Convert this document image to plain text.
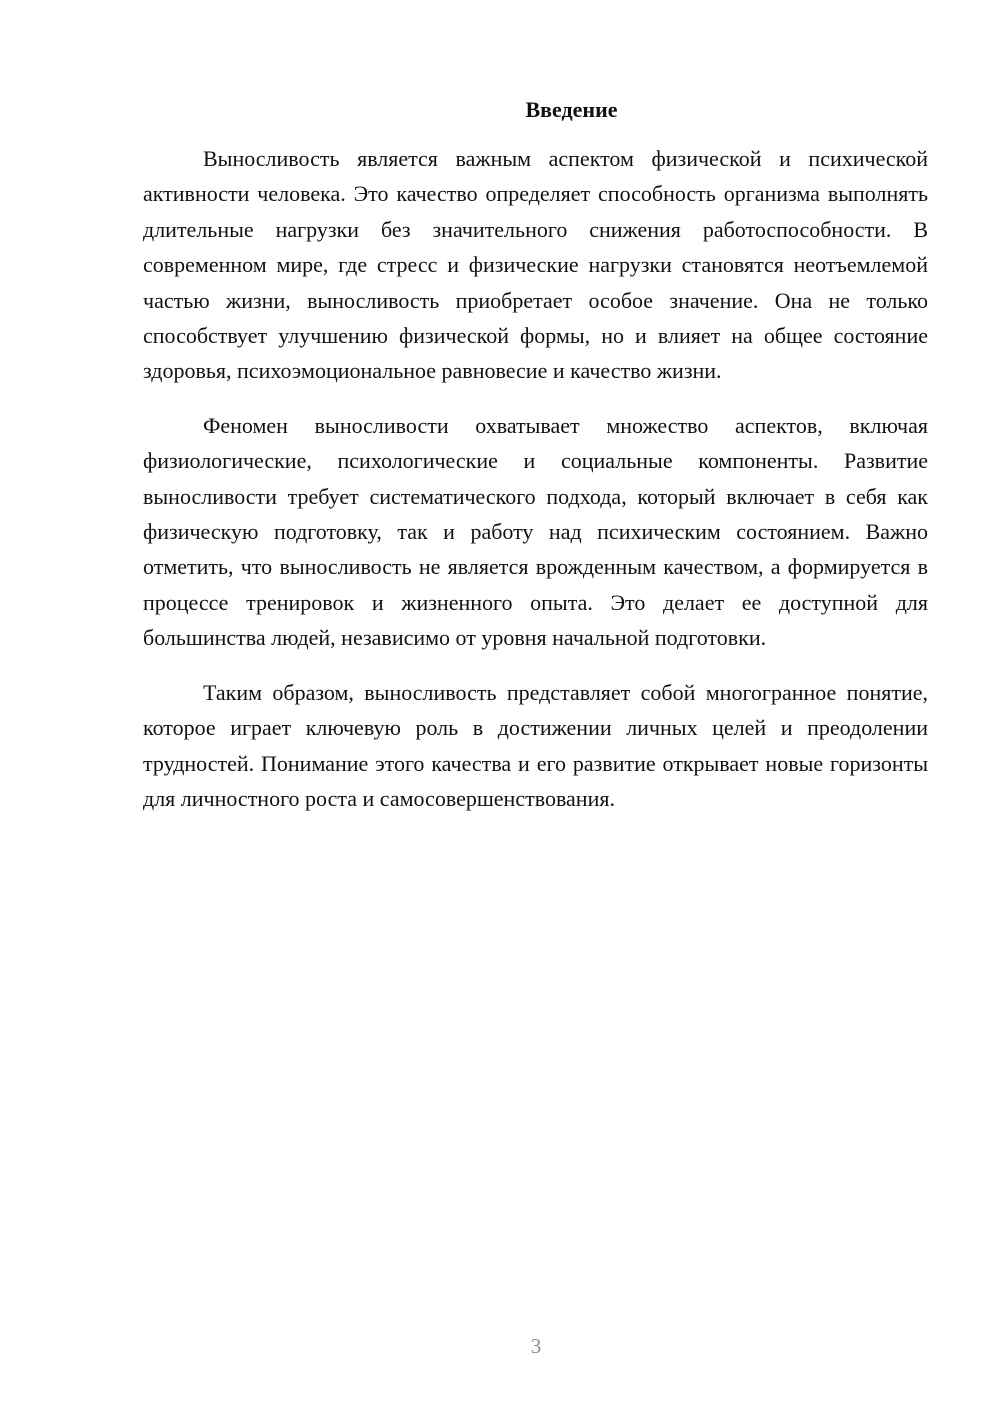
Введение

Выносливость является важным аспектом физической и психической активности человека. Это качество определяет способность организма выполнять длительные нагрузки без значительного снижения работоспособности. В современном мире, где стресс и физические нагрузки становятся неотъемлемой частью жизни, выносливость приобретает особое значение. Она не только способствует улучшению физической формы, но и влияет на общее состояние здоровья, психоэмоциональное равновесие и качество жизни.

Феномен выносливости охватывает множество аспектов, включая физиологические, психологические и социальные компоненты. Развитие выносливости требует систематического подхода, который включает в себя как физическую подготовку, так и работу над психическим состоянием. Важно отметить, что выносливость не является врожденным качеством, а формируется в процессе тренировок и жизненного опыта. Это делает ее доступной для большинства людей, независимо от уровня начальной подготовки.

Таким образом, выносливость представляет собой многогранное понятие, которое играет ключевую роль в достижении личных целей и преодолении трудностей. Понимание этого качества и его развитие открывает новые горизонты для личностного роста и самосовершенствования.

3
